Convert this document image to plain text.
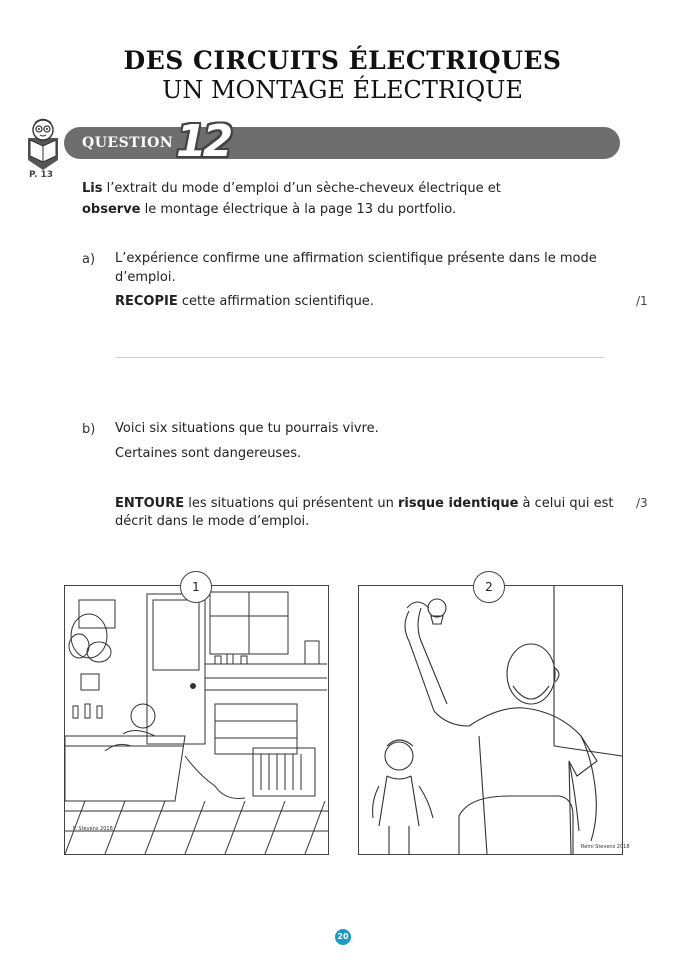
DES CIRCUITS ÉLECTRIQUES
UN MONTAGE ÉLECTRIQUE
P. 13
QUESTION 12
Lis l’extrait du mode d’emploi d’un sèche-cheveux électrique et
observe le montage électrique à la page 13 du portfolio.
a) L’expérience confirme une affirmation scientifique présente dans le mode
d’emploi.
RECOPIE cette affirmation scientifique.	/1
b) Voici six situations que tu pourrais vivre.
Certaines sont dangereuses.
ENTOURE les situations qui présentent un risque identique à celui qui est
décrit dans le mode d’emploi.
/3
P. Stevens 2018
1
Rémi Stevens 2018
2
20
